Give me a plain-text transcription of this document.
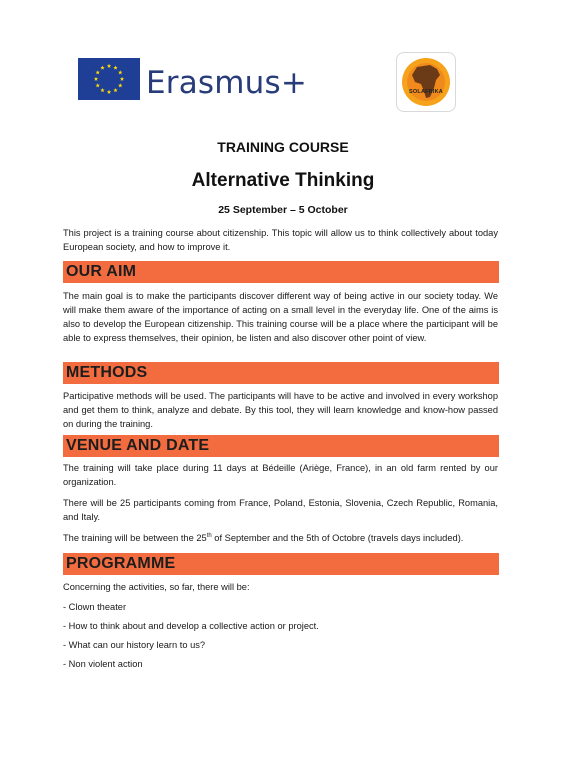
Erasmus+	SOLAFRIKA
TRAINING COURSE
Alternative Thinking
25 September – 5 October
This project is a training course about citizenship. This topic will allow us to think collectively about today European society, and how to improve it.
OUR AIM
The main goal is to make the participants discover different way of being active in our society today. We will make them aware of the importance of acting on a small level in the everyday life. One of the aims is also to develop the European citizenship. This training course will be a place where the participant will be able to express themselves, their opinion, be listen and also discover other point of view.
METHODS
Participative methods will be used. The participants will have to be active and involved in every workshop and get them to think, analyze and debate. By this tool, they will learn knowledge and know-how passed on during the training.
VENUE AND DATE
The training will take place during 11 days at Bédeille (Ariège, France), in an old farm rented by our organization.
There will be 25 participants coming from France, Poland, Estonia, Slovenia, Czech Republic, Romania, and Italy.
The training will be between the 25th of September and the 5th of Octobre (travels days included).
PROGRAMME
Concerning the activities, so far, there will be:
- Clown theater
- How to think about and develop a collective action or project.
- What can our history learn to us?
- Non violent action
